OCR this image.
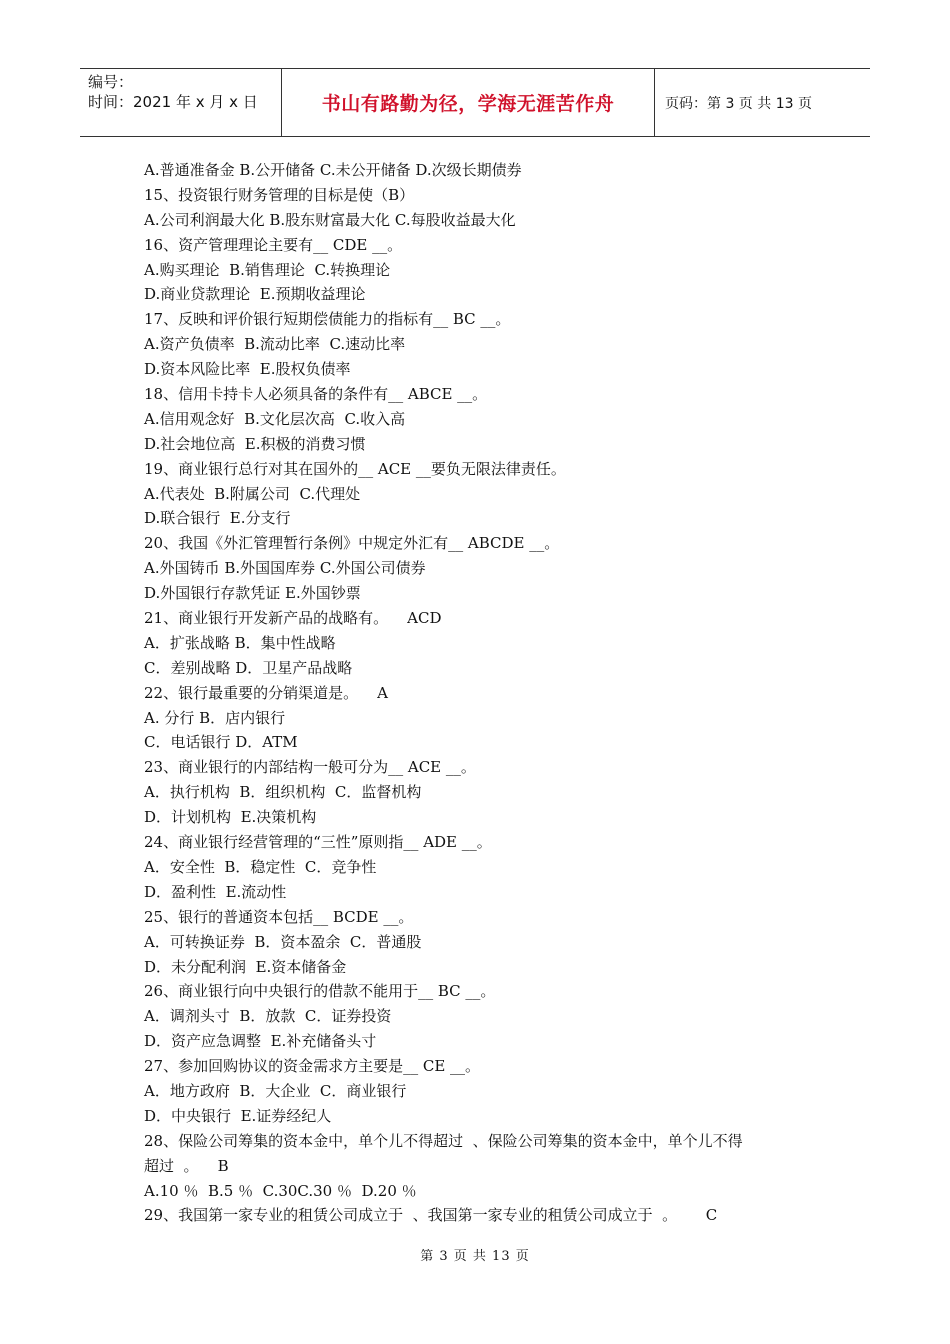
编号：
时间：2021 年 x 月 x 日	书山有路勤为径，学海无涯苦作舟	页码：第 3 页 共 13 页
A.普通准备金 B.公开储备 C.未公开储备 D.次级长期债券
15、投资银行财务管理的目标是使（B）
A.公司利润最大化 B.股东财富最大化 C.每股收益最大化
16、资产管理理论主要有__ CDE __。
A.购买理论  B.销售理论  C.转换理论
D.商业贷款理论  E.预期收益理论
17、反映和评价银行短期偿债能力的指标有__ BC __。
A.资产负债率  B.流动比率  C.速动比率
D.资本风险比率  E.股权负债率
18、信用卡持卡人必须具备的条件有__ ABCE __。
A.信用观念好  B.文化层次高  C.收入高
D.社会地位高  E.积极的消费习惯
19、商业银行总行对其在国外的__ ACE __要负无限法律责任。
A.代表处  B.附属公司  C.代理处
D.联合银行  E.分支行
20、我国《外汇管理暂行条例》中规定外汇有__ ABCDE __。
A.外国铸币 B.外国国库券 C.外国公司债券
D.外国银行存款凭证 E.外国钞票
21、商业银行开发新产品的战略有。    ACD
A．扩张战略 B．集中性战略
C．差别战略 D．卫星产品战略
22、银行最重要的分销渠道是。    A
A. 分行 B．店内银行
C．电话银行 D．ATM
23、商业银行的内部结构一般可分为__ ACE __。
A．执行机构  B．组织机构  C．监督机构
D．计划机构  E.决策机构
24、商业银行经营管理的“三性”原则指__ ADE __。
A．安全性  B．稳定性  C．竞争性
D．盈利性  E.流动性
25、银行的普通资本包括__ BCDE __。
A．可转换证券  B．资本盈余  C．普通股
D．未分配利润  E.资本储备金
26、商业银行向中央银行的借款不能用于__ BC __。
A．调剂头寸  B．放款  C．证券投资
D．资产应急调整  E.补充储备头寸
27、参加回购协议的资金需求方主要是__ CE __。
A．地方政府  B．大企业  C．商业银行
D．中央银行  E.证券经纪人
28、保险公司筹集的资本金中，单个儿不得超过  、保险公司筹集的资本金中，单个儿不得
超过  。    B
A.10 ％  B.5 ％  C.30C.30 ％  D.20 ％
29、我国第一家专业的租赁公司成立于  、我国第一家专业的租赁公司成立于  。      C
第 3 页 共 13 页
